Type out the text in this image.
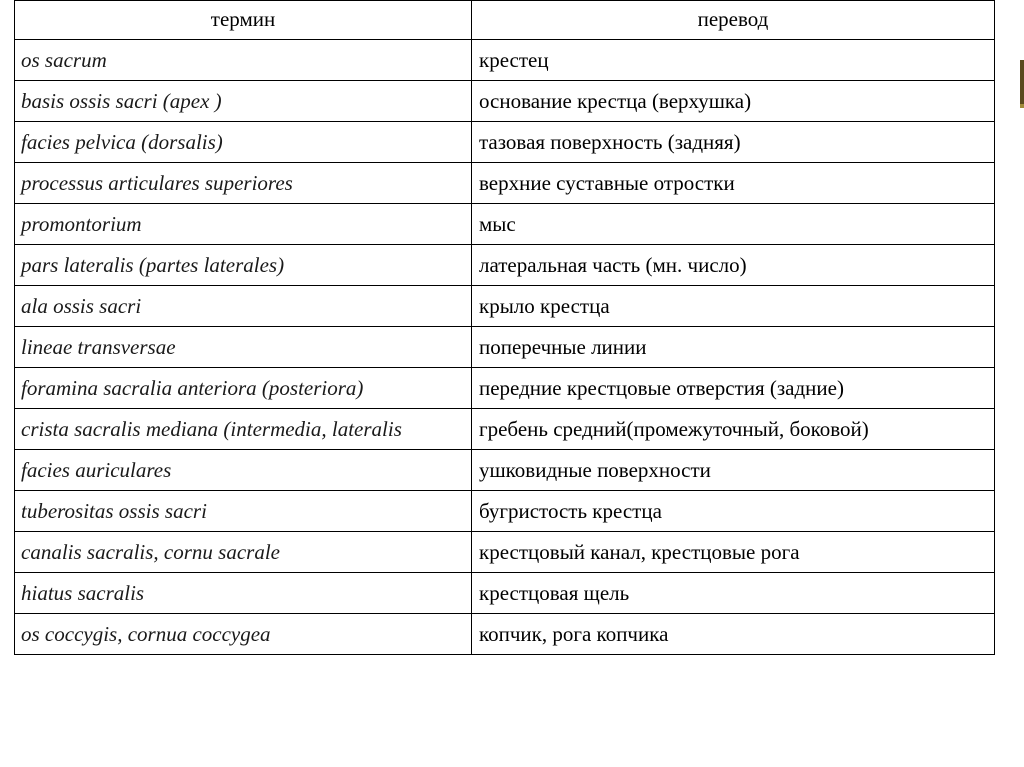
термин	перевод
os sacrum	крестец
basis ossis sacri (apex )	основание крестца (верхушка)
facies pelvica (dorsalis)	тазовая поверхность (задняя)
processus articulares superiores	верхние суставные отростки
promontorium	мыс
pars lateralis (partes laterales)	латеральная часть (мн. число)
ala ossis sacri	крыло крестца
lineae transversae	поперечные линии
foramina sacralia anteriora (posteriora)	передние крестцовые отверстия (задние)
crista sacralis mediana (intermedia, lateralis	гребень средний(промежуточный, боковой)
facies auriculares	ушковидные поверхности
tuberositas ossis sacri	бугристость крестца
canalis sacralis, cornu sacrale	крестцовый канал, крестцовые рога
hiatus sacralis	крестцовая щель
os coccygis, cornua coccygea	копчик, рога копчика
